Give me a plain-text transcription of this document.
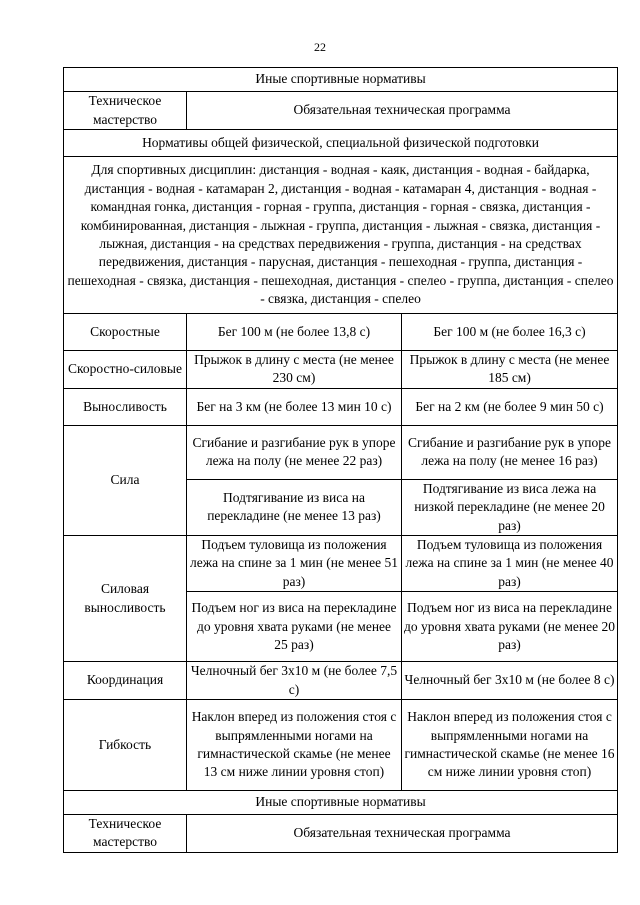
22
Иные спортивные нормативы		
Техническое мастерство	Обязательная техническая программа	
Нормативы общей физической, специальной физической подготовки		
Для спортивных дисциплин: дистанция - водная - каяк, дистанция - водная - байдарка, дистанция - водная - катамаран 2, дистанция - водная - катамаран 4, дистанция - водная - командная гонка, дистанция - горная - группа, дистанция - горная - связка, дистанция - комбинированная, дистанция - лыжная - группа, дистанция - лыжная - связка, дистанция - лыжная, дистанция - на средствах передвижения - группа, дистанция - на средствах передвижения, дистанция - парусная, дистанция - пешеходная - группа, дистанция - пешеходная - связка, дистанция - пешеходная, дистанция - спелео - группа, дистанция - спелео - связка, дистанция - спелео		
Скоростные	Бег 100 м (не более 13,8 с)	Бег 100 м (не более 16,3 с)
Скоростно-силовые	Прыжок в длину с места (не менее 230 см)	Прыжок в длину с места (не менее 185 см)
Выносливость	Бег на 3 км (не более 13 мин 10 с)	Бег на 2 км (не более 9 мин 50 с)
Сила	Сгибание и разгибание рук в упоре лежа на полу (не менее 22 раз)	Сгибание и разгибание рук в упоре лежа на полу (не менее 16 раз)
	Подтягивание из виса на перекладине (не менее 13 раз)	Подтягивание из виса лежа на низкой перекладине (не менее 20 раз)
Силовая выносливость	Подъем туловища из положения лежа на спине за 1 мин (не менее 51 раз)	Подъем туловища из положения лежа на спине за 1 мин (не менее 40 раз)
	Подъем ног из виса на перекладине до уровня хвата руками (не менее 25 раз)	Подъем ног из виса на перекладине до уровня хвата руками (не менее 20 раз)
Координация	Челночный бег 3х10 м (не более 7,5 с)	Челночный бег 3х10 м (не более 8 с)
Гибкость	Наклон вперед из положения стоя с выпрямленными ногами на гимнастической скамье (не менее 13 см ниже линии уровня стоп)	Наклон вперед из положения стоя с выпрямленными ногами на гимнастической скамье (не менее 16 см ниже линии уровня стоп)
Иные спортивные нормативы		
Техническое мастерство	Обязательная техническая программа	
